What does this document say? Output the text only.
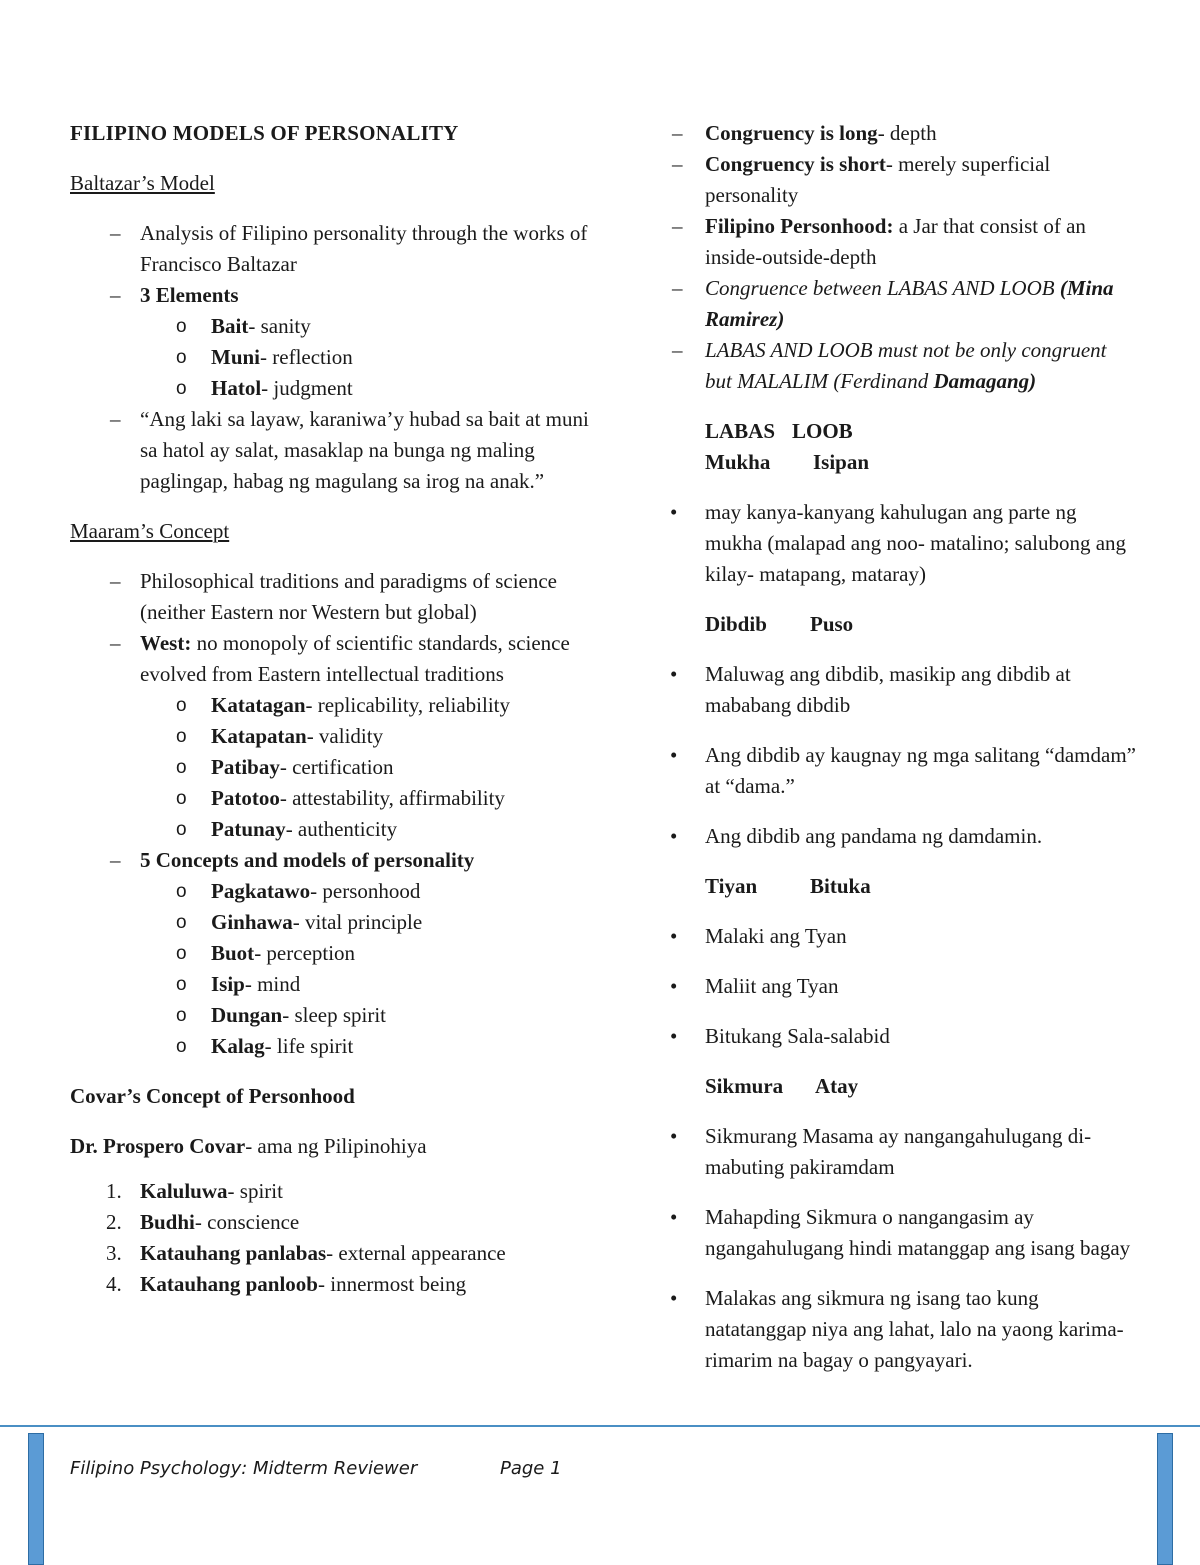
FILIPINO MODELS OF PERSONALITY

Baltazar’s Model

– Analysis of Filipino personality through the works of Francisco Baltazar
– 3 Elements
o Bait- sanity
o Muni- reflection
o Hatol- judgment
– “Ang laki sa layaw, karaniwa’y hubad sa bait at muni sa hatol ay salat, masaklap na bunga ng maling paglingap, habag ng magulang sa irog na anak.”

Maaram’s Concept

– Philosophical traditions and paradigms of science (neither Eastern nor Western but global)
– West: no monopoly of scientific standards, science evolved from Eastern intellectual traditions
o Katatagan- replicability, reliability
o Katapatan- validity
o Patibay- certification
o Patotoo- attestability, affirmability
o Patunay- authenticity
– 5 Concepts and models of personality
o Pagkatawo- personhood
o Ginhawa- vital principle
o Buot- perception
o Isip- mind
o Dungan- sleep spirit
o Kalag- life spirit

Covar’s Concept of Personhood

Dr. Prospero Covar- ama ng Pilipinohiya

1. Kaluluwa- spirit
2. Budhi- conscience
3. Katauhang panlabas- external appearance
4. Katauhang panloob- innermost being
– Congruency is long- depth
– Congruency is short- merely superficial personality
– Filipino Personhood: a Jar that consist of an inside-outside-depth
– Congruence between LABAS AND LOOB (Mina Ramirez)
– LABAS AND LOOB must not be only congruent but MALALIM (Ferdinand Damagang)
LABAS LOOB
Mukha Isipan
• may kanya-kanyang kahulugan ang parte ng mukha (malapad ang noo- matalino; salubong ang kilay- matapang, mataray)
Dibdib Puso
• Maluwag ang dibdib, masikip ang dibdib at mababang dibdib
• Ang dibdib ay kaugnay ng mga salitang “damdam” at “dama.”
• Ang dibdib ang pandama ng damdamin.
Tiyan	Bituka
• Malaki ang Tyan
• Maliit ang Tyan
• Bitukang Sala-salabid
Sikmura Atay
• Sikmurang Masama ay nangangahulugang di-mabuting pakiramdam
• Mahapding Sikmura o nangangasim ay ngangahulugang hindi matanggap ang isang bagay
• Malakas ang sikmura ng isang tao kung natatanggap niya ang lahat, lalo na yaong karima-rimarim na bagay o pangyayari.
Filipino Psychology: Midterm Reviewer	Page 1
